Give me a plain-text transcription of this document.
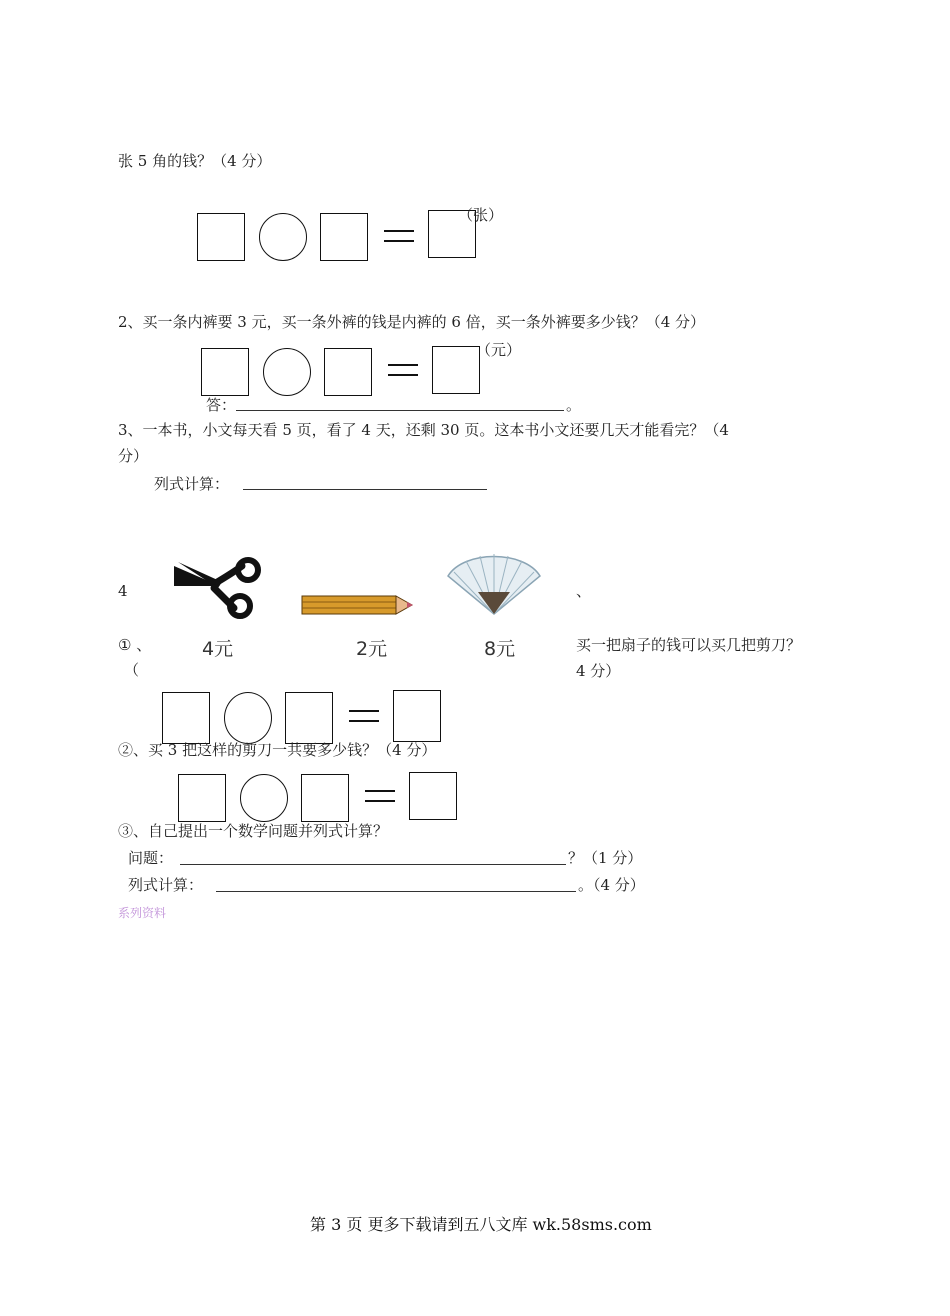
张 5 角的钱？（4 分）
（张）
2、买一条内裤要 3 元，买一条外裤的钱是内裤的 6 倍，买一条外裤要多少钱？（4 分）
（元）
答：	。
3、一本书，小文每天看 5 页，看了 4 天，还剩 30 页。这本书小文还要几天才能看完？（4
分）
列式计算：
4	、
4元	2元	8元
① 、
（
买一把扇子的钱可以买几把剪刀？
4 分）
（把）
②、买 3 把这样的剪刀一共要多少钱？（4 分）
（元）
③、自己提出一个数学问题并列式计算？
问题：	？（1 分）
列式计算：	。（4 分）
系列资料
第 3 页 更多下载请到五八文库 wk.58sms.com
